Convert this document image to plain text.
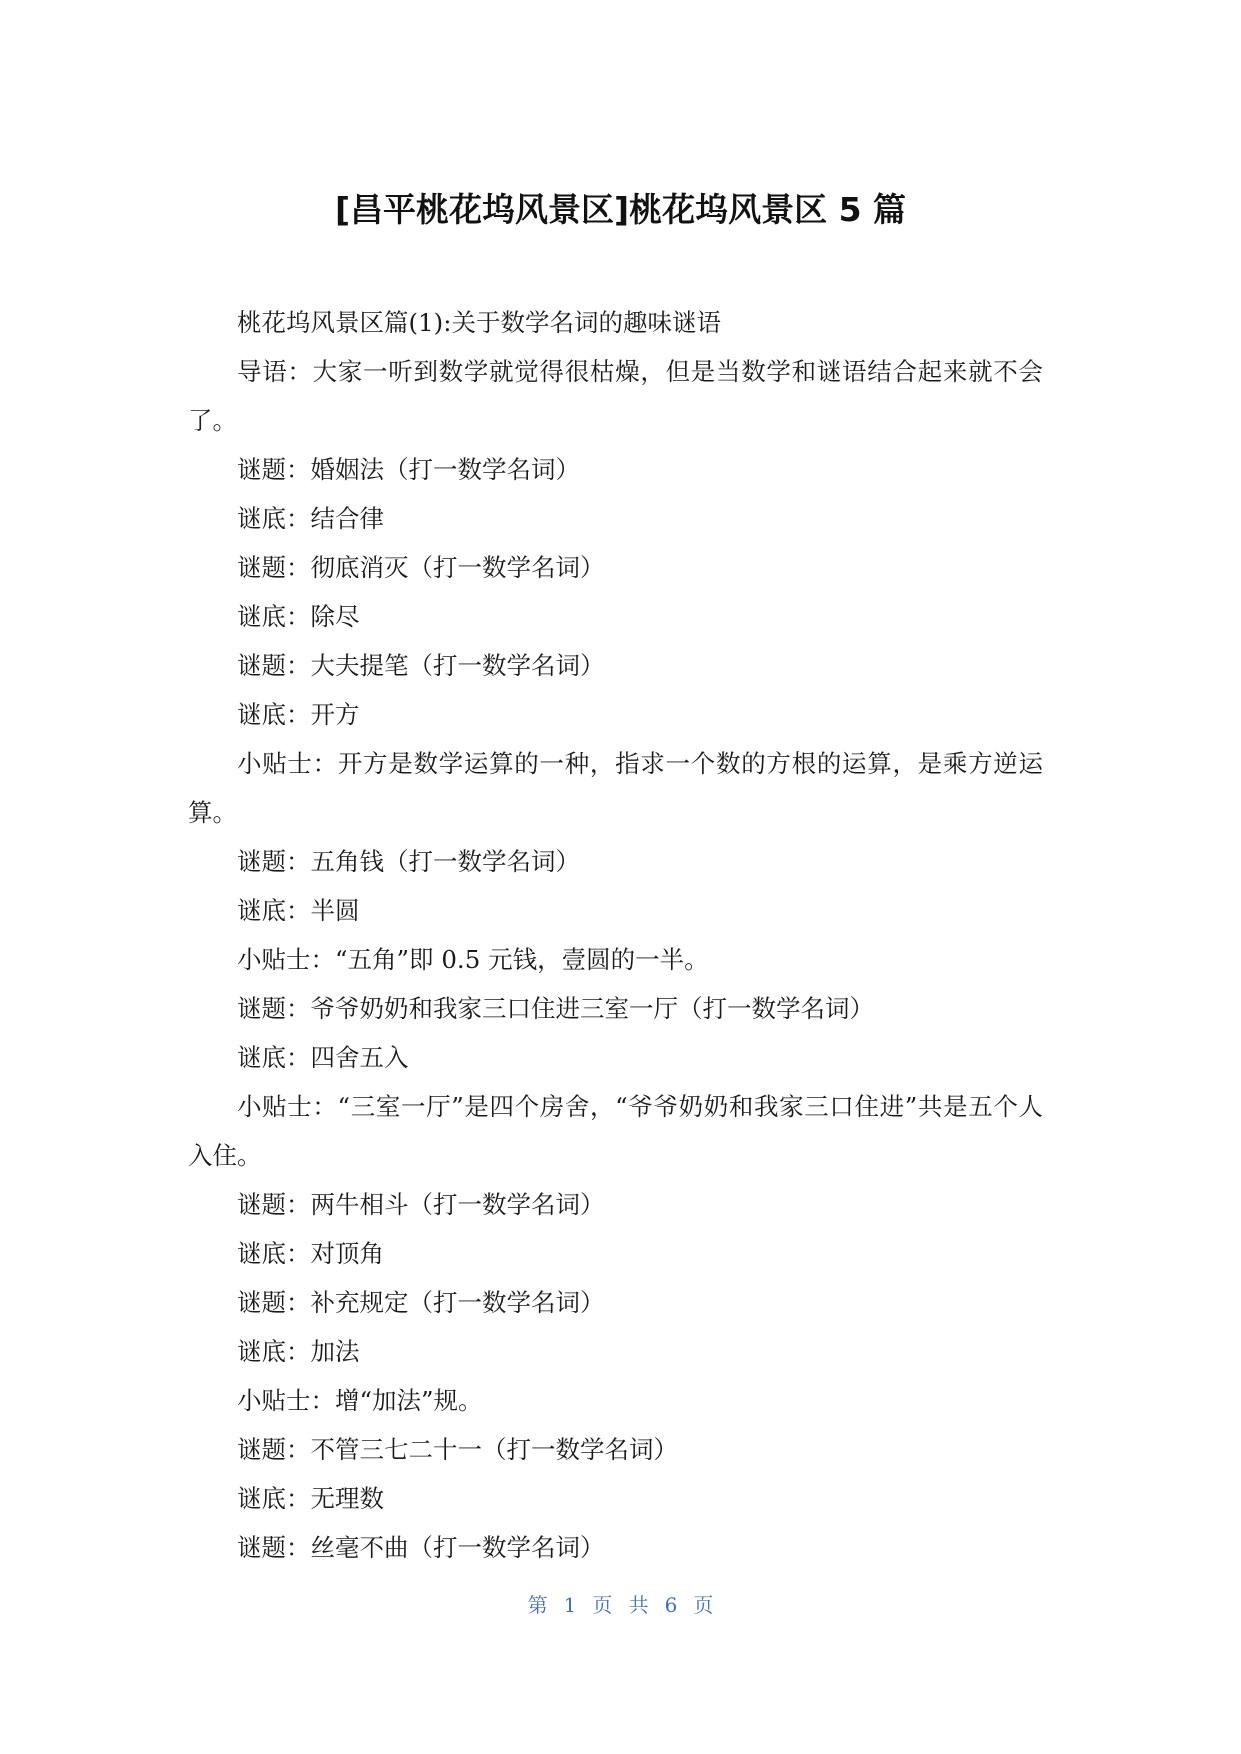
[昌平桃花坞风景区]桃花坞风景区 5 篇

桃花坞风景区篇(1):关于数学名词的趣味谜语

导语：大家一听到数学就觉得很枯燥，但是当数学和谜语结合起来就不会了。

谜题：婚姻法（打一数学名词）

谜底：结合律

谜题：彻底消灭（打一数学名词）

谜底：除尽

谜题：大夫提笔（打一数学名词）

谜底：开方

小贴士：开方是数学运算的一种，指求一个数的方根的运算，是乘方逆运算。

谜题：五角钱（打一数学名词）

谜底：半圆

小贴士：“五角”即 0.5 元钱，壹圆的一半。

谜题：爷爷奶奶和我家三口住进三室一厅（打一数学名词）

谜底：四舍五入

小贴士：“三室一厅”是四个房舍，“爷爷奶奶和我家三口住进”共是五个人入住。

谜题：两牛相斗（打一数学名词）

谜底：对顶角

谜题：补充规定（打一数学名词）

谜底：加法

小贴士：增“加法”规。

谜题：不管三七二十一（打一数学名词）

谜底：无理数

谜题：丝毫不曲（打一数学名词）

第 1 页 共 6 页
